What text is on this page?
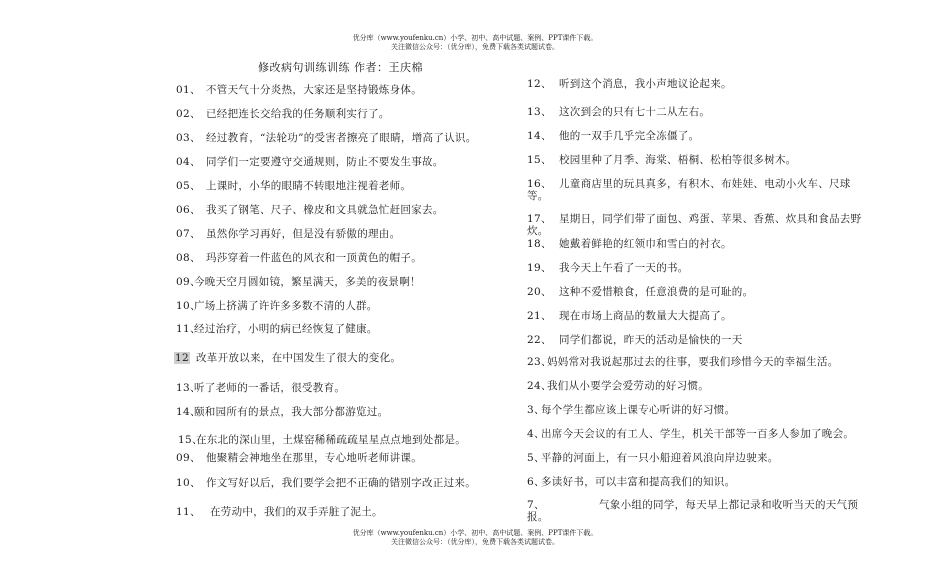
优分库（www.youfenku.cn）小学、初中、高中试题、案例、PPT课件下载。
关注微信公众号：（优分库），免费下载各类试题试卷。
修改病句训练训练 作者：王庆棉
01、 不管天气十分炎热，大家还是坚持锻炼身体。
02、 已经把连长交给我的任务顺利实行了。
03、 经过教育，“法轮功”的受害者擦亮了眼睛，增高了认识。
04、 同学们一定要遵守交通规则，防止不要发生事故。
05、 上课时，小华的眼睛不转眼地注视着老师。
06、 我买了钢笔、尺子、橡皮和文具就急忙赶回家去。
07、 虽然你学习再好，但是没有骄傲的理由。
08、 玛莎穿着一件蓝色的风衣和一顶黄色的帽子。
09、今晚天空月圆如镜，繁星满天，多美的夜景啊！
10、广场上挤满了许许多多数不清的人群。
11、经过治疗，小明的病已经恢复了健康。
12 改革开放以来，在中国发生了很大的变化。
13、听了老师的一番话，很受教育。
14、颐和园所有的景点，我大部分都游览过。
15、在东北的深山里，土煤窑稀稀疏疏星星点点地到处都是。
09、 他聚精会神地坐在那里，专心地听老师讲课。
10、 作文写好以后，我们要学会把不正确的错别字改正过来。
11、 在劳动中，我们的双手弄脏了泥土。
12、 听到这个消息，我小声地议论起来。
13、 这次到会的只有七十二从左右。
14、 他的一双手几乎完全冻僵了。
15、 校园里种了月季、海棠、梧桐、松柏等很多树木。
16、 儿童商店里的玩具真多，有积木、布娃娃、电动小火车、尺球等。
17、 星期日，同学们带了面包、鸡蛋、苹果、香蕉、炊具和食品去野炊。
18、 她戴着鲜艳的红领巾和雪白的衬衣。
19、 我今天上午看了一天的书。
20、 这种不爱惜粮食，任意浪费的是可耻的。
21、 现在市场上商品的数量大大提高了。
22、 同学们都说，昨天的活动是愉快的一天
23、妈妈常对我说起那过去的往事，要我们珍惜今天的幸福生活。
24、我们从小要学会爱劳动的好习惯。
3、每个学生都应该上课专心听讲的好习惯。
4、出席今天会议的有工人、学生，机关干部等一百多人参加了晚会。
5、平静的河面上，有一只小船迎着风浪向岸边驶来。
6、多读好书，可以丰富和提高我们的知识。
7、	气象小组的同学，每天早上都记录和收听当天的天气预报。
优分库（www.youfenku.cn）小学、初中、高中试题、案例、PPT课件下载。
关注微信公众号：（优分库），免费下载各类试题试卷。
